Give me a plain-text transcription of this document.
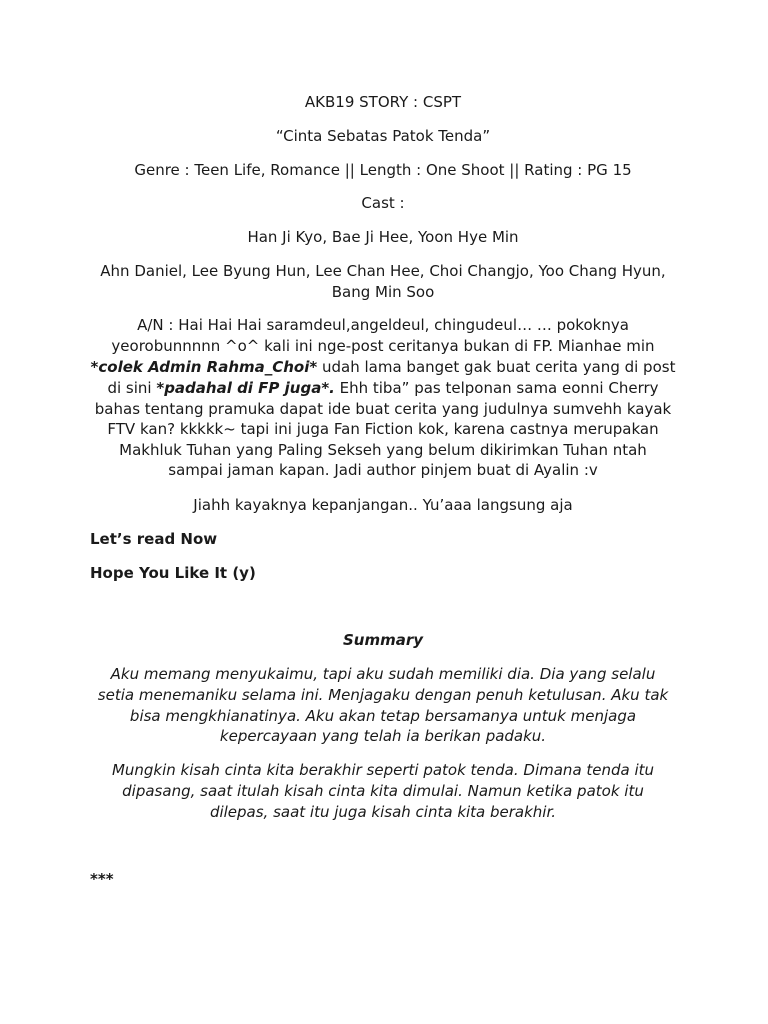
AKB19 STORY : CSPT
“Cinta Sebatas Patok Tenda”
Genre : Teen Life, Romance || Length : One Shoot || Rating : PG 15
Cast :
Han Ji Kyo, Bae Ji Hee, Yoon Hye Min
Ahn Daniel, Lee Byung Hun, Lee Chan Hee, Choi Changjo, Yoo Chang Hyun,
Bang Min Soo
A/N : Hai Hai Hai saramdeul,angeldeul, chingudeul… … pokoknya
yeorobunnnnn ^o^ kali ini nge-post ceritanya bukan di FP. Mianhae min
*colek Admin Rahma_Choi* udah lama banget gak buat cerita yang di post
di sini *padahal di FP juga*. Ehh tiba” pas telponan sama eonni Cherry
bahas tentang pramuka dapat ide buat cerita yang judulnya sumvehh kayak
FTV kan? kkkkk~ tapi ini juga Fan Fiction kok, karena castnya merupakan
Makhluk Tuhan yang Paling Sekseh yang belum dikirimkan Tuhan ntah
sampai jaman kapan. Jadi author pinjem buat di Ayalin :v
Jiahh kayaknya kepanjangan.. Yu’aaa langsung aja
Let’s read Now
Hope You Like It (y)
Summary
Aku memang menyukaimu, tapi aku sudah memiliki dia. Dia yang selalu
setia menemaniku selama ini. Menjagaku dengan penuh ketulusan. Aku tak
bisa mengkhianatinya. Aku akan tetap bersamanya untuk menjaga
kepercayaan yang telah ia berikan padaku.
Mungkin kisah cinta kita berakhir seperti patok tenda. Dimana tenda itu
dipasang, saat itulah kisah cinta kita dimulai. Namun ketika patok itu
dilepas, saat itu juga kisah cinta kita berakhir.
***
